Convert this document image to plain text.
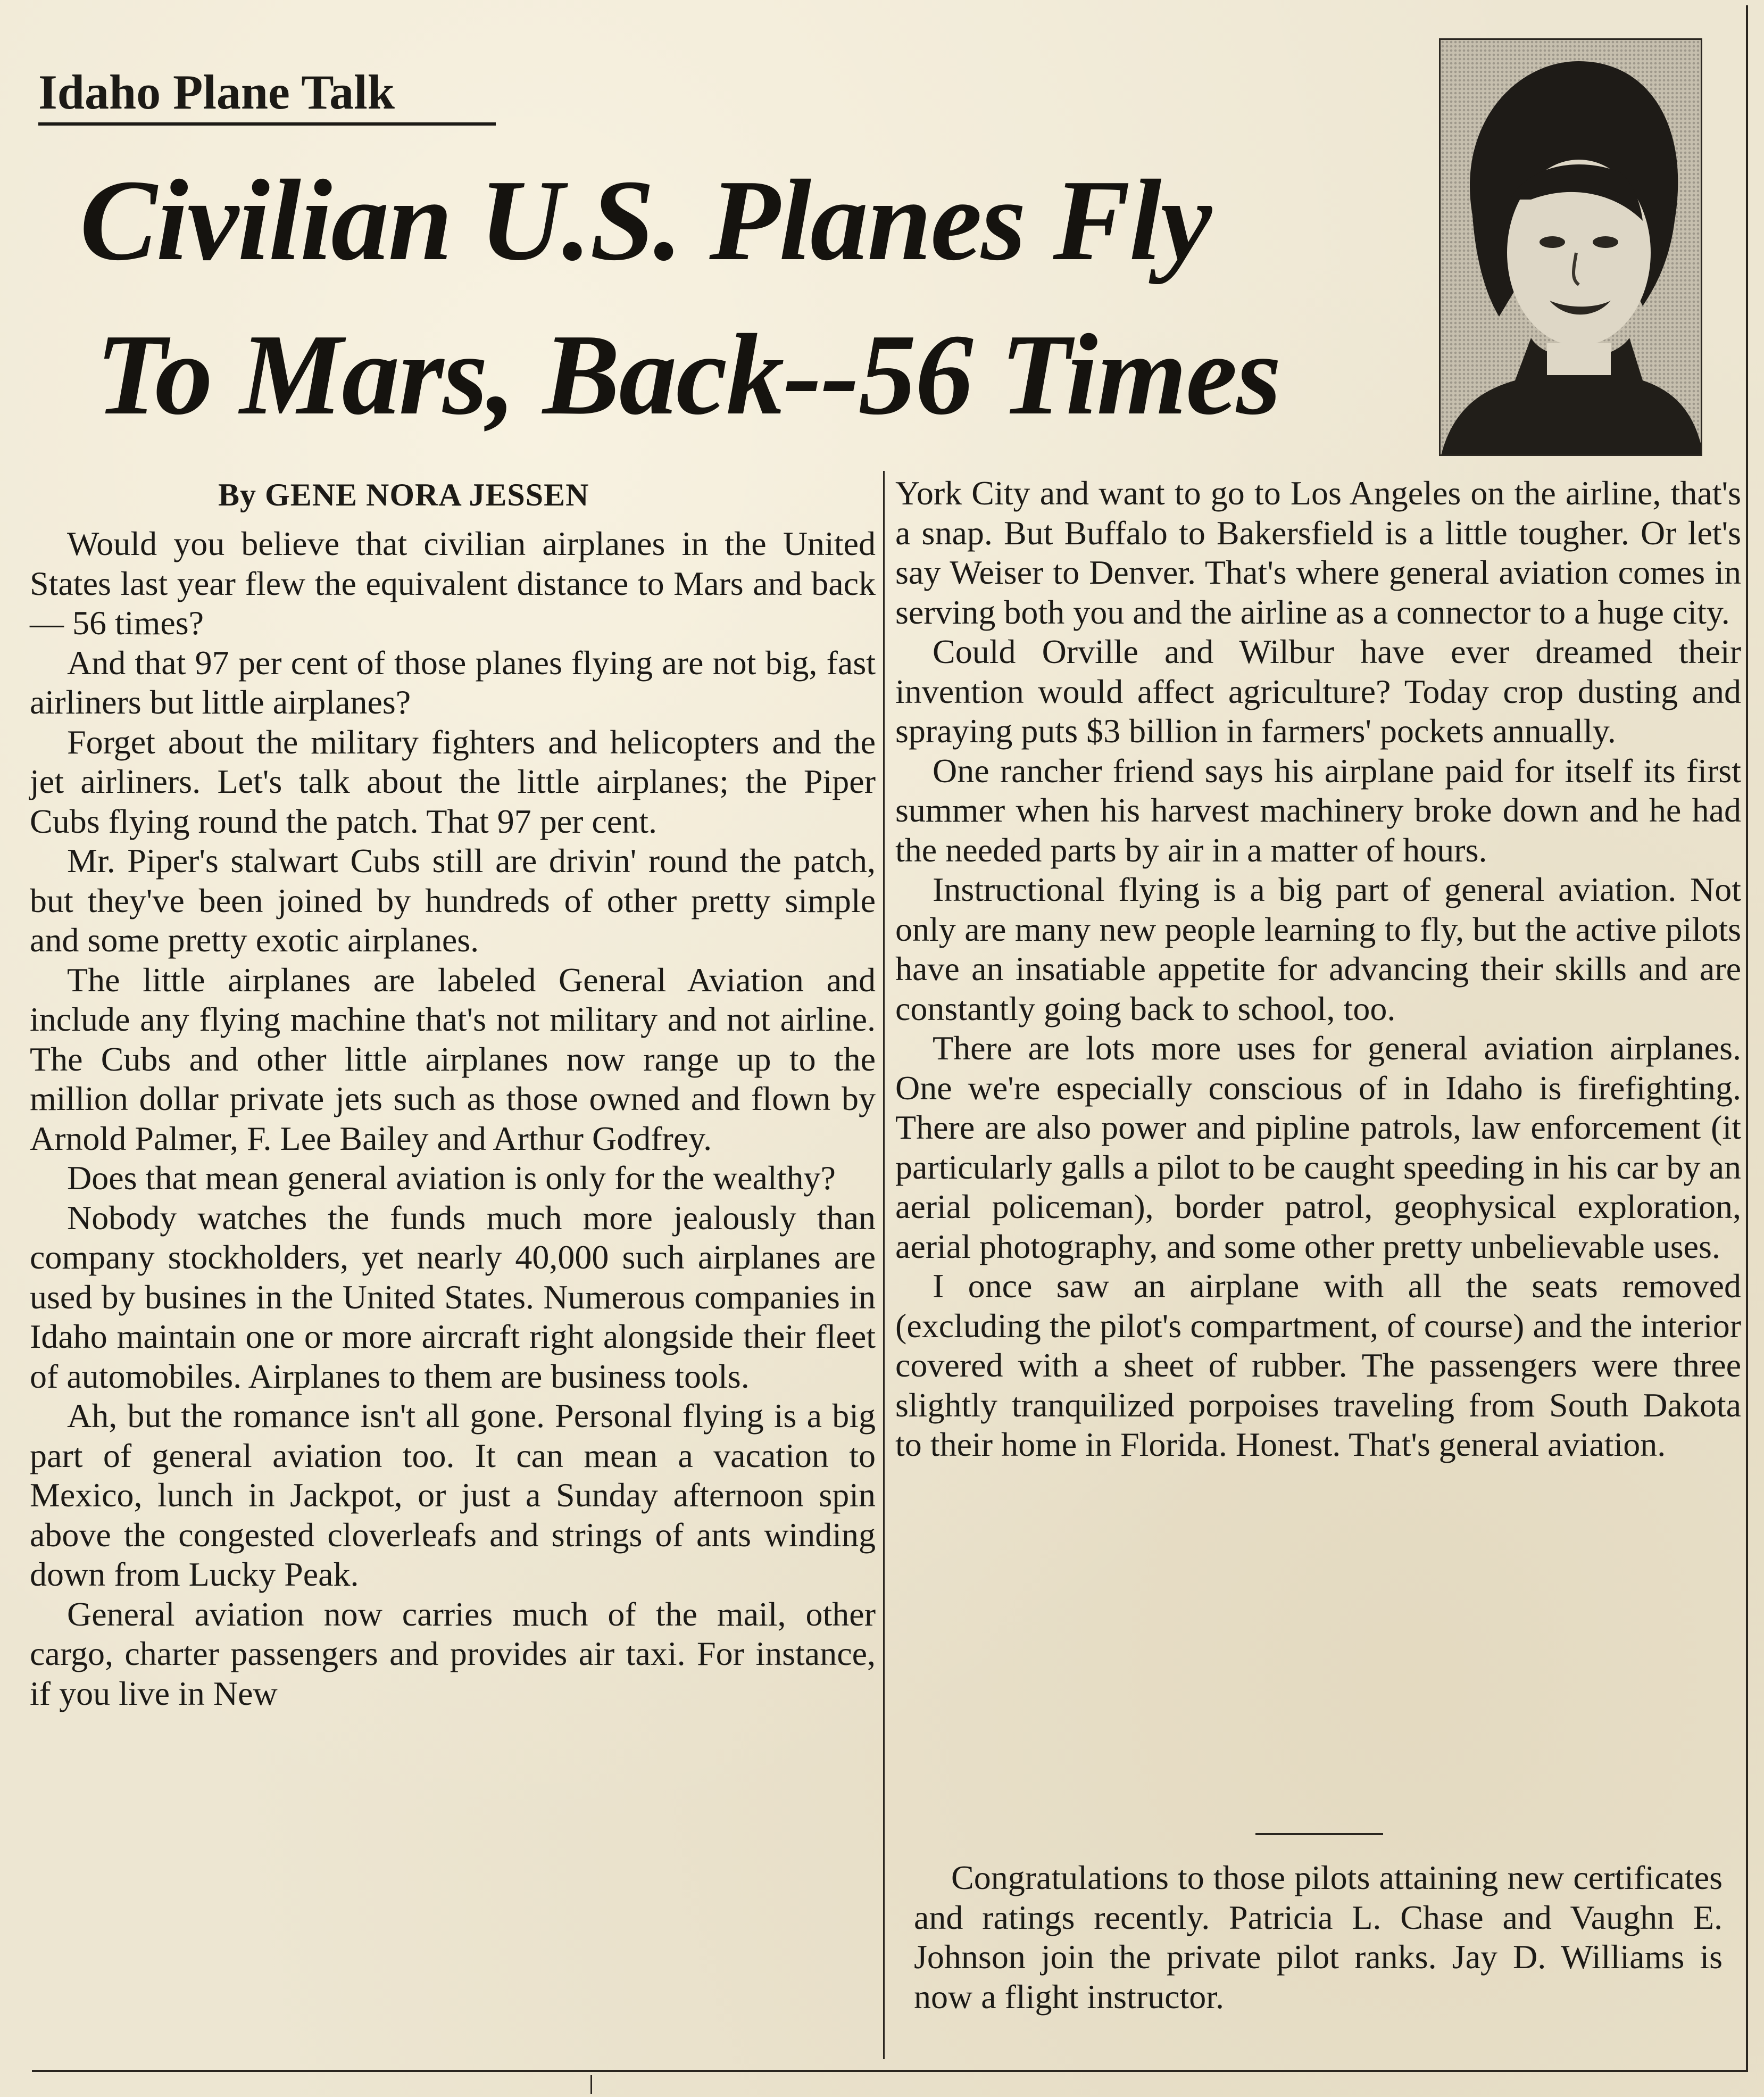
Idaho Plane Talk
Civilian U.S. Planes Fly
To Mars, Back--56 Times
By GENE NORA JESSEN

Would you believe that civilian airplanes in the United States last year flew the equivalent distance to Mars and back — 56 times?

And that 97 per cent of those planes flying are not big, fast airliners but little airplanes?

Forget about the military fighters and helicopters and the jet airliners. Let's talk about the little airplanes; the Piper Cubs flying round the patch. That 97 per cent.

Mr. Piper's stalwart Cubs still are drivin' round the patch, but they've been joined by hundreds of other pretty simple and some pretty exotic airplanes.

The little airplanes are labeled General Aviation and include any flying machine that's not military and not airline. The Cubs and other little airplanes now range up to the million dollar private jets such as those owned and flown by Arnold Palmer, F. Lee Bailey and Arthur Godfrey.

Does that mean general aviation is only for the wealthy?

Nobody watches the funds much more jealously than company stockholders, yet nearly 40,000 such airplanes are used by busines in the United States. Numerous companies in Idaho maintain one or more aircraft right alongside their fleet of automobiles. Airplanes to them are business tools.

Ah, but the romance isn't all gone. Personal flying is a big part of general aviation too. It can mean a vacation to Mexico, lunch in Jackpot, or just a Sunday afternoon spin above the congested cloverleafs and strings of ants winding down from Lucky Peak.

General aviation now carries much of the mail, other cargo, charter passengers and provides air taxi. For instance, if you live in New

York City and want to go to Los Angeles on the airline, that's a snap. But Buffalo to Bakersfield is a little tougher. Or let's say Weiser to Denver. That's where general aviation comes in serving both you and the airline as a connector to a huge city.

Could Orville and Wilbur have ever dreamed their invention would affect agriculture? Today crop dusting and spraying puts $3 billion in farmers' pockets annually.

One rancher friend says his airplane paid for itself its first summer when his harvest machinery broke down and he had the needed parts by air in a matter of hours.

Instructional flying is a big part of general aviation. Not only are many new people learning to fly, but the active pilots have an insatiable appetite for advancing their skills and are constantly going back to school, too.

There are lots more uses for general aviation airplanes. One we're especially conscious of in Idaho is firefighting. There are also power and pipline patrols, law enforcement (it particularly galls a pilot to be caught speeding in his car by an aerial policeman), border patrol, geophysical exploration, aerial photography, and some other pretty unbelievable uses.

I once saw an airplane with all the seats removed (excluding the pilot's compartment, of course) and the interior covered with a sheet of rubber. The passengers were three slightly tranquilized porpoises traveling from South Dakota to their home in Florida. Honest. That's general aviation.

Congratulations to those pilots attaining new certificates and ratings recently. Patricia L. Chase and Vaughn E. Johnson join the private pilot ranks. Jay D. Williams is now a flight instructor.
